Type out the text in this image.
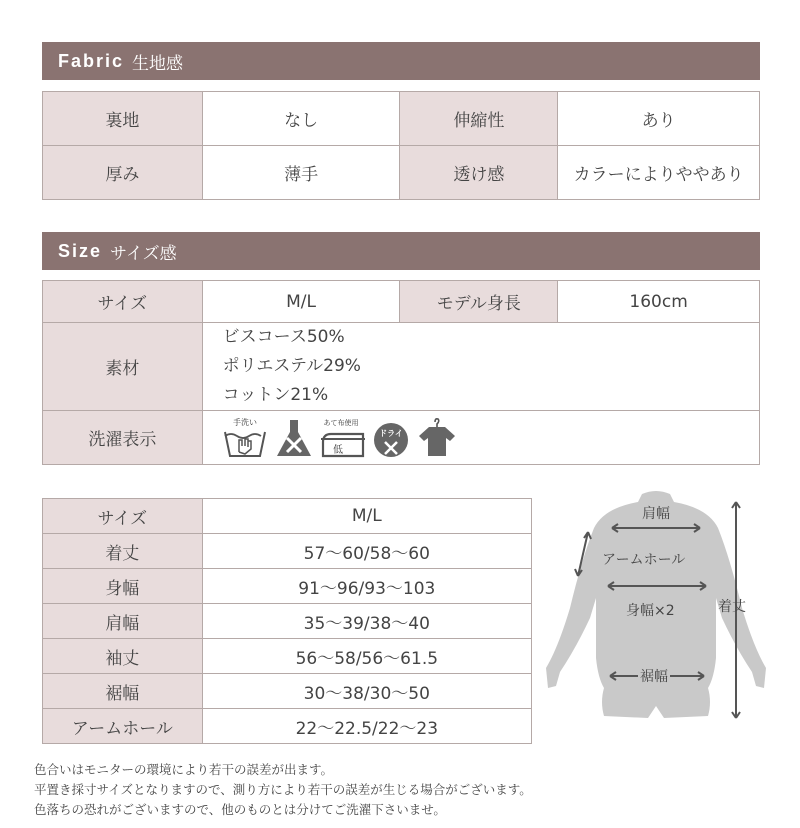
Fabric 生地感
裏地	なし	伸縮性	あり
厚み	薄手	透け感	カラーによりややあり
Size サイズ感
サイズ	M/L	モデル身長	160cm
素材	ビスコース50%
ポリエステル29%
コットン21%		

洗濯表示	手洗い あて布使用
低
ドライ		
サイズ	M/L
着丈	57〜60/58〜60
身幅	91〜96/93〜103
肩幅	35〜39/38〜40
袖丈	56〜58/56〜61.5
裾幅	30〜38/30〜50
アームホール	22〜22.5/22〜23
肩幅
アームホール
身幅×2	着丈
裾幅
色合いはモニターの環境により若干の誤差が出ます。
平置き採寸サイズとなりますので、測り方により若干の誤差が生じる場合がございます。
色落ちの恐れがございますので、他のものとは分けてご洗濯下さいませ。
